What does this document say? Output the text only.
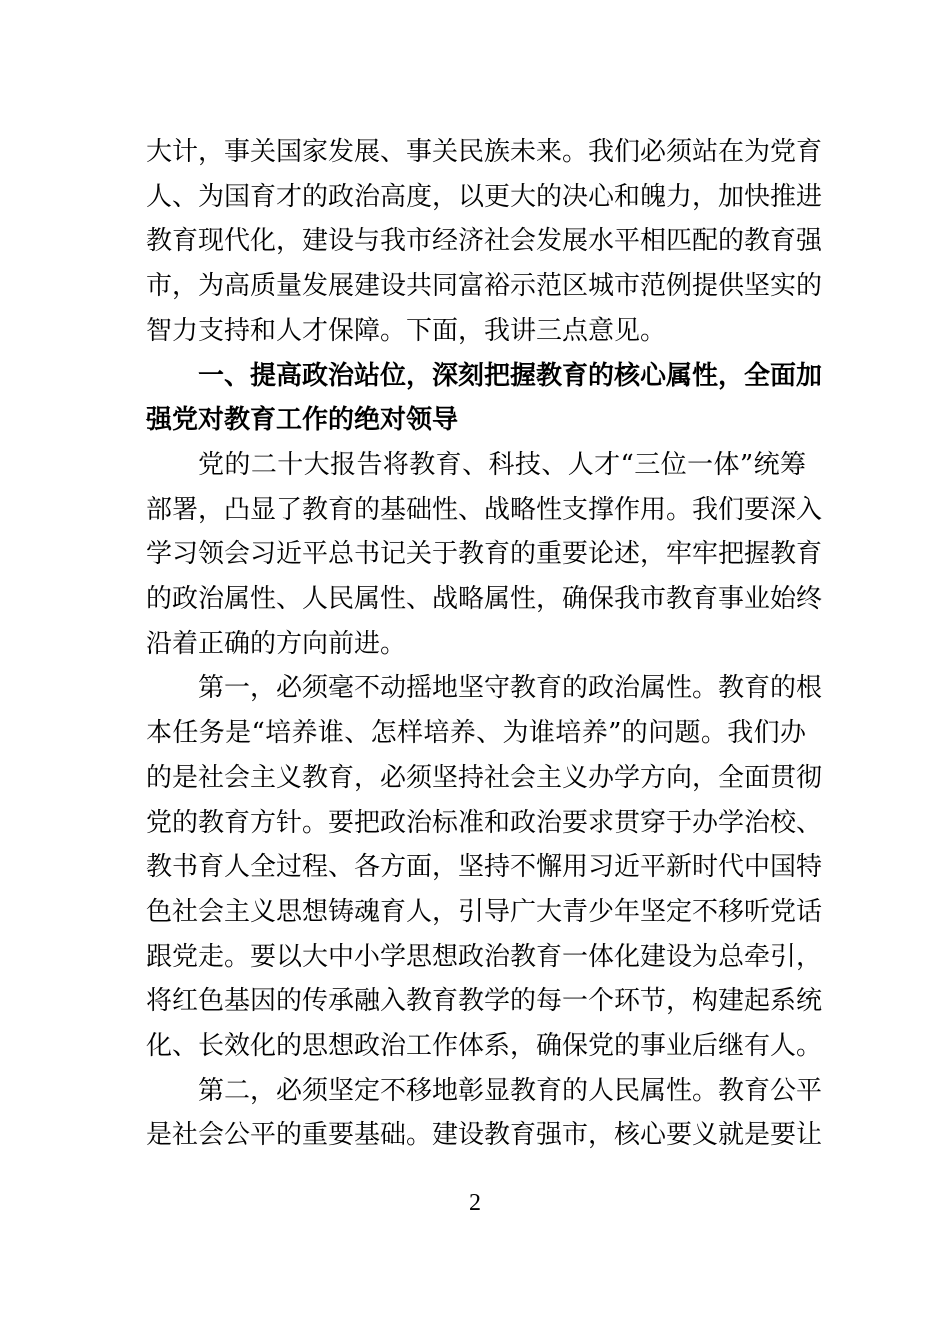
大计，事关国家发展、事关民族未来。我们必须站在为党育
人、为国育才的政治高度，以更大的决心和魄力，加快推进
教育现代化，建设与我市经济社会发展水平相匹配的教育强
市，为高质量发展建设共同富裕示范区城市范例提供坚实的
智力支持和人才保障。下面，我讲三点意见。
一、提高政治站位，深刻把握教育的核心属性，全面加
强党对教育工作的绝对领导
党的二十大报告将教育、科技、人才“三位一体”统筹
部署，凸显了教育的基础性、战略性支撑作用。我们要深入
学习领会习近平总书记关于教育的重要论述，牢牢把握教育
的政治属性、人民属性、战略属性，确保我市教育事业始终
沿着正确的方向前进。
第一，必须毫不动摇地坚守教育的政治属性。教育的根
本任务是“培养谁、怎样培养、为谁培养”的问题。我们办
的是社会主义教育，必须坚持社会主义办学方向，全面贯彻
党的教育方针。要把政治标准和政治要求贯穿于办学治校、
教书育人全过程、各方面，坚持不懈用习近平新时代中国特
色社会主义思想铸魂育人，引导广大青少年坚定不移听党话
跟党走。要以大中小学思想政治教育一体化建设为总牵引，
将红色基因的传承融入教育教学的每一个环节，构建起系统
化、长效化的思想政治工作体系，确保党的事业后继有人。
第二，必须坚定不移地彰显教育的人民属性。教育公平
是社会公平的重要基础。建设教育强市，核心要义就是要让
2
